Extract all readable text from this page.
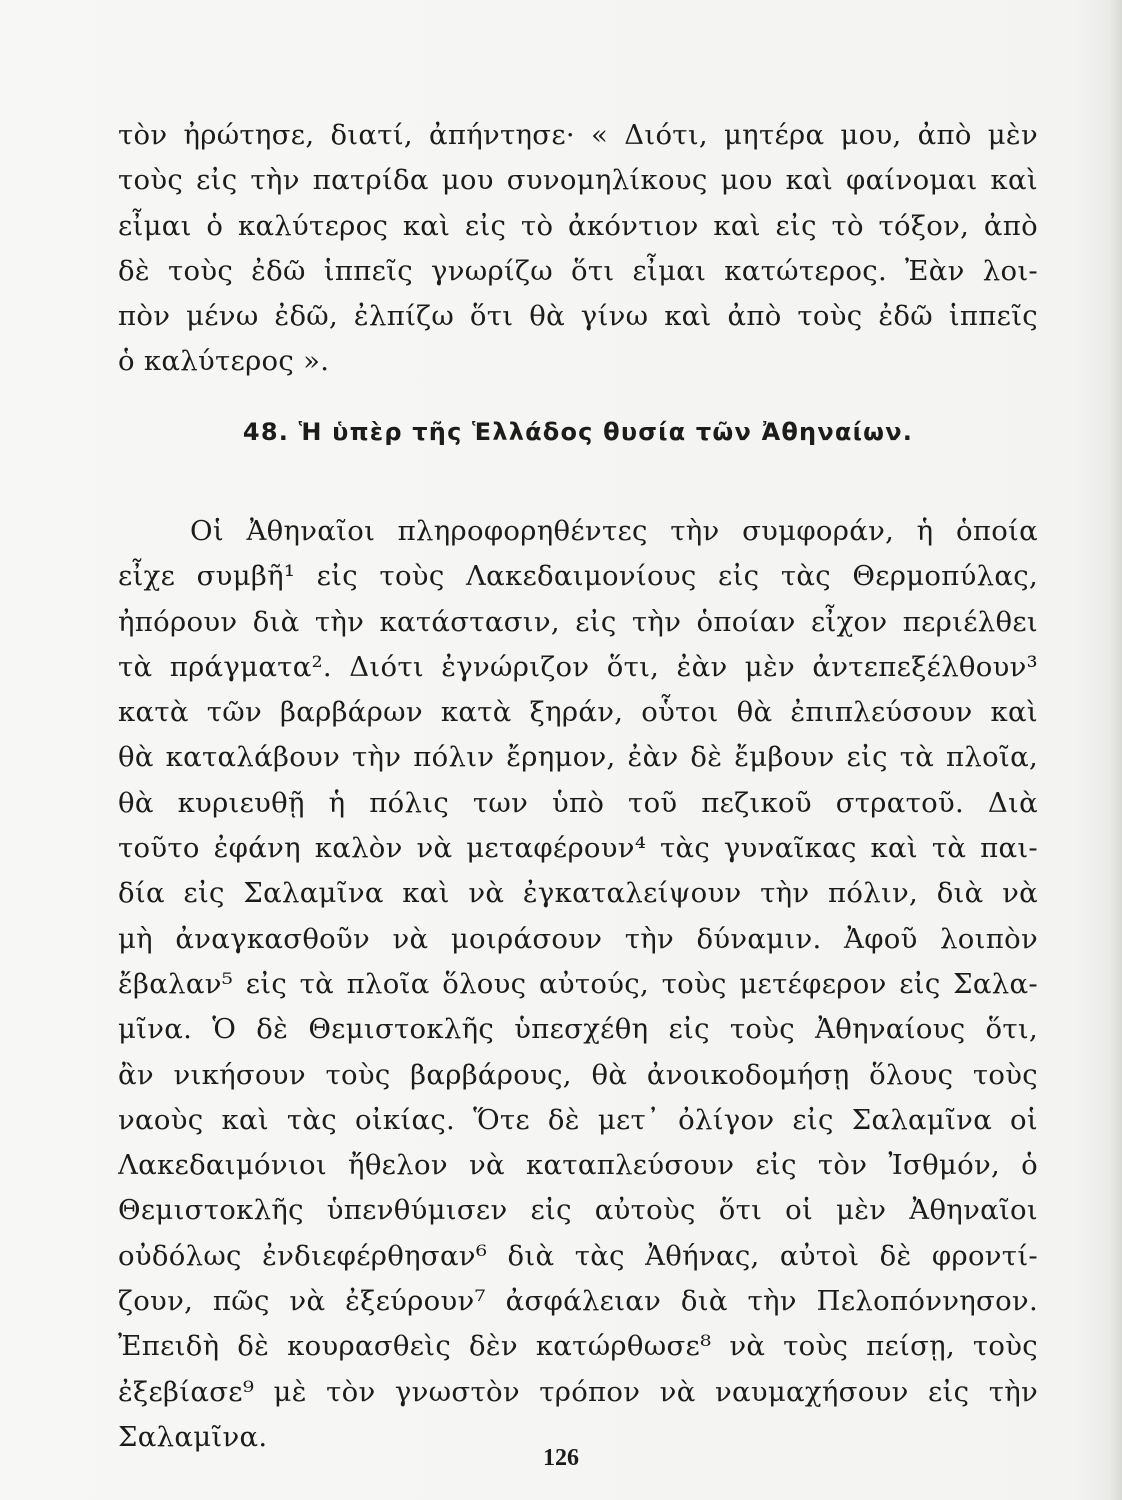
τὸν ἠρώτησε, διατί, ἀπήντησε· « Διότι, μητέρα μου, ἀπὸ μὲν
τοὺς εἰς τὴν πατρίδα μου συνομηλίκους μου καὶ φαίνομαι καὶ
εἶμαι ὁ καλύτερος καὶ εἰς τὸ ἀκόντιον καὶ εἰς τὸ τόξον, ἀπὸ
δὲ τοὺς ἐδῶ ἱππεῖς γνωρίζω ὅτι εἶμαι κατώτερος. Ἐὰν λοι-
πὸν μένω ἐδῶ, ἐλπίζω ὅτι θὰ γίνω καὶ ἀπὸ τοὺς ἐδῶ ἱππεῖς
ὁ καλύτερος ».
48. Ἡ ὑπὲρ τῆς Ἑλλάδος θυσία τῶν Ἀθηναίων.
Οἱ Ἀθηναῖοι πληροφορηθέντες τὴν συμφοράν, ἡ ὁποία
εἶχε συμβῆ¹ εἰς τοὺς Λακεδαιμονίους εἰς τὰς Θερμοπύλας,
ἠπόρουν διὰ τὴν κατάστασιν, εἰς τὴν ὁποίαν εἶχον περιέλθει
τὰ πράγματα². Διότι ἐγνώριζον ὅτι, ἐὰν μὲν ἀντεπεξέλθουν³
κατὰ τῶν βαρβάρων κατὰ ξηράν, οὗτοι θὰ ἐπιπλεύσουν καὶ
θὰ καταλάβουν τὴν πόλιν ἔρημον, ἐὰν δὲ ἔμβουν εἰς τὰ πλοῖα,
θὰ κυριευθῇ ἡ πόλις των ὑπὸ τοῦ πεζικοῦ στρατοῦ. Διὰ
τοῦτο ἐφάνη καλὸν νὰ μεταφέρουν⁴ τὰς γυναῖκας καὶ τὰ παι-
δία εἰς Σαλαμῖνα καὶ νὰ ἐγκαταλείψουν τὴν πόλιν, διὰ νὰ
μὴ ἀναγκασθοῦν νὰ μοιράσουν τὴν δύναμιν. Ἀφοῦ λοιπὸν
ἔβαλαν⁵ εἰς τὰ πλοῖα ὅλους αὐτούς, τοὺς μετέφερον εἰς Σαλα-
μῖνα. Ὁ δὲ Θεμιστοκλῆς ὑπεσχέθη εἰς τοὺς Ἀθηναίους ὅτι,
ἂν νικήσουν τοὺς βαρβάρους, θὰ ἀνοικοδομήσῃ ὅλους τοὺς
ναοὺς καὶ τὰς οἰκίας. Ὅτε δὲ μετ᾽ ὀλίγον εἰς Σαλαμῖνα οἱ
Λακεδαιμόνιοι ἤθελον νὰ καταπλεύσουν εἰς τὸν Ἰσθμόν, ὁ
Θεμιστοκλῆς ὑπενθύμισεν εἰς αὐτοὺς ὅτι οἱ μὲν Ἀθηναῖοι
οὐδόλως ἐνδιεφέρθησαν⁶ διὰ τὰς Ἀθήνας, αὐτοὶ δὲ φροντί-
ζουν, πῶς νὰ ἐξεύρουν⁷ ἀσφάλειαν διὰ τὴν Πελοπόννησον.
Ἐπειδὴ δὲ κουρασθεὶς δὲν κατώρθωσε⁸ νὰ τοὺς πείσῃ, τοὺς
ἐξεβίασε⁹ μὲ τὸν γνωστὸν τρόπον νὰ ναυμαχήσουν εἰς τὴν
Σαλαμῖνα.
126
